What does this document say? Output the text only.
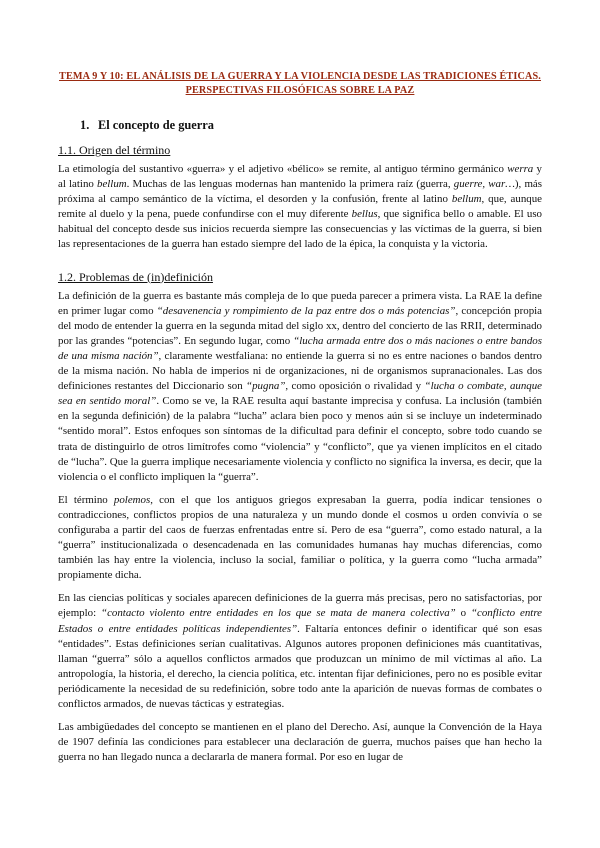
TEMA 9 Y 10: EL ANÁLISIS DE LA GUERRA Y LA VIOLENCIA DESDE LAS TRADICIONES ÉTICAS. PERSPECTIVAS FILOSÓFICAS SOBRE LA PAZ
1. El concepto de guerra
1.1. Origen del término

La etimología del sustantivo «guerra» y el adjetivo «bélico» se remite, al antiguo término germánico werra y al latino bellum. Muchas de las lenguas modernas han mantenido la primera raíz (guerra, guerre, war…), más próxima al campo semántico de la víctima, el desorden y la confusión, frente al latino bellum, que, aunque remite al duelo y la pena, puede confundirse con el muy diferente bellus, que significa bello o amable. El uso habitual del concepto desde sus inicios recuerda siempre las consecuencias y las víctimas de la guerra, si bien las representaciones de la guerra han estado siempre del lado de la épica, la conquista y la victoria.

1.2. Problemas de (in)definición

La definición de la guerra es bastante más compleja de lo que pueda parecer a primera vista. La RAE la define en primer lugar como “desavenencia y rompimiento de la paz entre dos o más potencias”, concepción propia del modo de entender la guerra en la segunda mitad del siglo xx, dentro del concierto de las RRII, determinado por las grandes “potencias”. En segundo lugar, como “lucha armada entre dos o más naciones o entre bandos de una misma nación”, claramente westfaliana: no entiende la guerra si no es entre naciones o bandos dentro de la misma nación. No habla de imperios ni de organizaciones, ni de organismos supranacionales. Las dos definiciones restantes del Diccionario son “pugna”, como oposición o rivalidad y “lucha o combate, aunque sea en sentido moral”. Como se ve, la RAE resulta aquí bastante imprecisa y confusa. La inclusión (también en la segunda definición) de la palabra “lucha” aclara bien poco y menos aún si se incluye un indeterminado “sentido moral”. Estos enfoques son síntomas de la dificultad para definir el concepto, sobre todo cuando se trata de distinguirlo de otros limítrofes como “violencia” y “conflicto”, que ya vienen implícitos en el citado de “lucha”. Que la guerra implique necesariamente violencia y conflicto no significa la inversa, es decir, que la violencia o el conflicto impliquen la “guerra”.

El término polemos, con el que los antiguos griegos expresaban la guerra, podía indicar tensiones o contradicciones, conflictos propios de una naturaleza y un mundo donde el cosmos u orden convivía o se configuraba a partir del caos de fuerzas enfrentadas entre sí. Pero de esa “guerra”, como estado natural, a la “guerra” institucionalizada o desencadenada en las comunidades humanas hay muchas diferencias, como también las hay entre la violencia, incluso la social, familiar o política, y la guerra como “lucha armada” propiamente dicha.

En las ciencias políticas y sociales aparecen definiciones de la guerra más precisas, pero no satisfactorias, por ejemplo: “contacto violento entre entidades en los que se mata de manera colectiva” o “conflicto entre Estados o entre entidades políticas independientes”. Faltaría entonces definir o identificar qué son esas “entidades”. Estas definiciones serían cualitativas. Algunos autores proponen definiciones más cuantitativas, llaman “guerra” sólo a aquellos conflictos armados que produzcan un mínimo de mil víctimas al año. La antropología, la historia, el derecho, la ciencia política, etc. intentan fijar definiciones, pero no es posible evitar periódicamente la necesidad de su redefinición, sobre todo ante la aparición de nuevas formas de combates o conflictos armados, de nuevas tácticas y estrategias.

Las ambigüedades del concepto se mantienen en el plano del Derecho. Así, aunque la Convención de la Haya de 1907 definía las condiciones para establecer una declaración de guerra, muchos países que han hecho la guerra no han llegado nunca a declararla de manera formal. Por eso en lugar de
